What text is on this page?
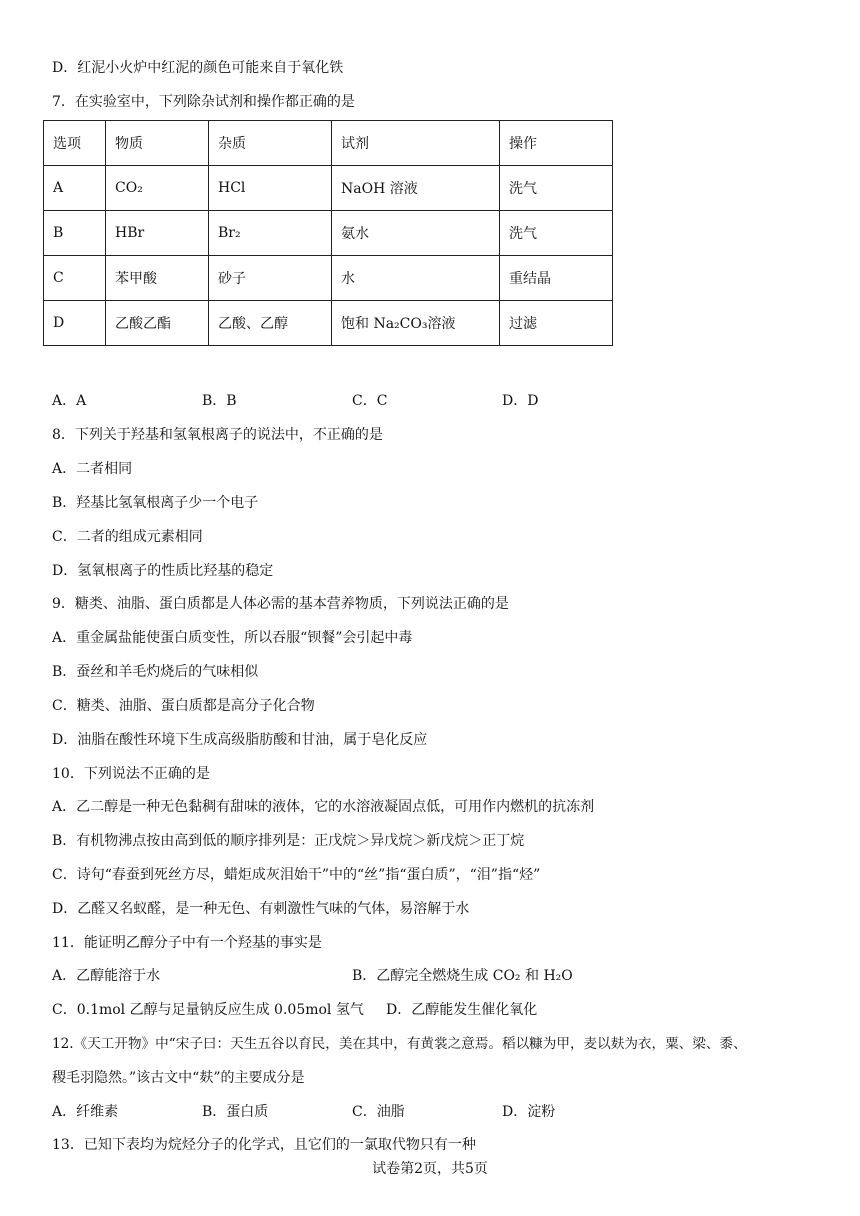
D．红泥小火炉中红泥的颜色可能来自于氧化铁
7．在实验室中，下列除杂试剂和操作都正确的是
选项	物质	杂质	试剂	操作
A	CO₂	HCl	NaOH 溶液	洗气
B	HBr	Br₂	氨水	洗气
C	苯甲酸	砂子	水	重结晶
D	乙酸乙酯	乙酸、乙醇	饱和 Na₂CO₃溶液	过滤
A．A	B．B	C．C	D．D
8．下列关于羟基和氢氧根离子的说法中，不正确的是
A．二者相同
B．羟基比氢氧根离子少一个电子
C．二者的组成元素相同
D．氢氧根离子的性质比羟基的稳定
9．糖类、油脂、蛋白质都是人体必需的基本营养物质，下列说法正确的是
A．重金属盐能使蛋白质变性，所以吞服“钡餐”会引起中毒
B．蚕丝和羊毛灼烧后的气味相似
C．糖类、油脂、蛋白质都是高分子化合物
D．油脂在酸性环境下生成高级脂肪酸和甘油，属于皂化反应
10．下列说法不正确的是
A．乙二醇是一种无色黏稠有甜味的液体，它的水溶液凝固点低，可用作内燃机的抗冻剂
B．有机物沸点按由高到低的顺序排列是：正戊烷＞异戊烷＞新戊烷＞正丁烷
C．诗句“春蚕到死丝方尽，蜡炬成灰泪始干”中的“丝”指“蛋白质”，“泪”指“烃”
D．乙醛又名蚁醛，是一种无色、有刺激性气味的气体，易溶解于水
11．能证明乙醇分子中有一个羟基的事实是
A．乙醇能溶于水	B．乙醇完全燃烧生成 CO₂ 和 H₂O
C．0.1mol 乙醇与足量钠反应生成 0.05mol 氢气 D．乙醇能发生催化氧化
12.《天工开物》中“宋子曰：天生五谷以育民，美在其中，有黄裳之意焉。稻以糠为甲，麦以麸为衣，粟、梁、黍、
稷毛羽隐然。”该古文中“麸”的主要成分是
A．纤维素	B．蛋白质	C．油脂	D．淀粉
13．已知下表均为烷烃分子的化学式，且它们的一氯取代物只有一种
试卷第2页，共5页
